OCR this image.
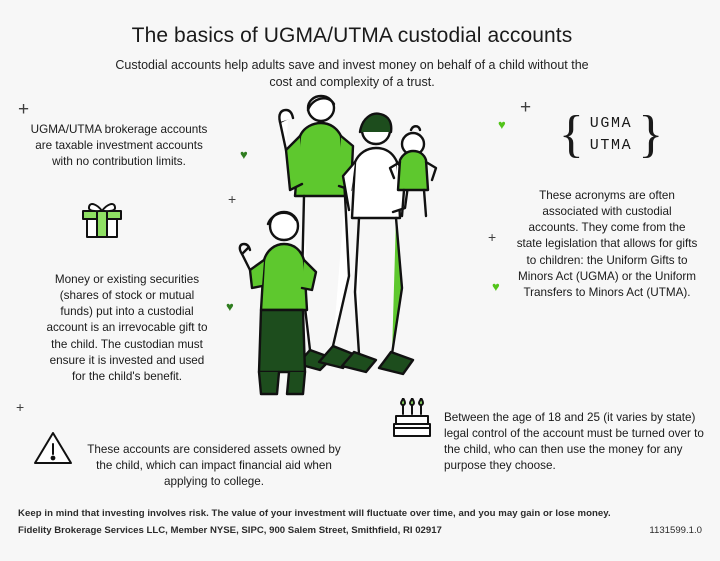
The basics of UGMA/UTMA custodial accounts

Custodial accounts help adults save and invest money on behalf of a child without the cost and complexity of a trust.

+
+
+
+
+
♥
♥
♥
♥
{ UGMA
UTMA }

UGMA/UTMA brokerage accounts are taxable investment accounts with no contribution limits.

Money or existing securities (shares of stock or mutual funds) put into a custodial account is an irrevocable gift to the child. The custodian must ensure it is invested and used for the child's benefit.

These accounts are considered assets owned by the child, which can impact financial aid when applying to college.

These acronyms are often associated with custodial accounts. They come from the state legislation that allows for gifts to children: the Uniform Gifts to Minors Act (UGMA) or the Uniform Transfers to Minors Act (UTMA).

Between the age of 18 and 25 (it varies by state) legal control of the account must be turned over to the child, who can then use the money for any purpose they choose.

Keep in mind that investing involves risk. The value of your investment will fluctuate over time, and you may gain or lose money.
Fidelity Brokerage Services LLC, Member NYSE, SIPC, 900 Salem Street, Smithfield, RI 02917	1131599.1.0
